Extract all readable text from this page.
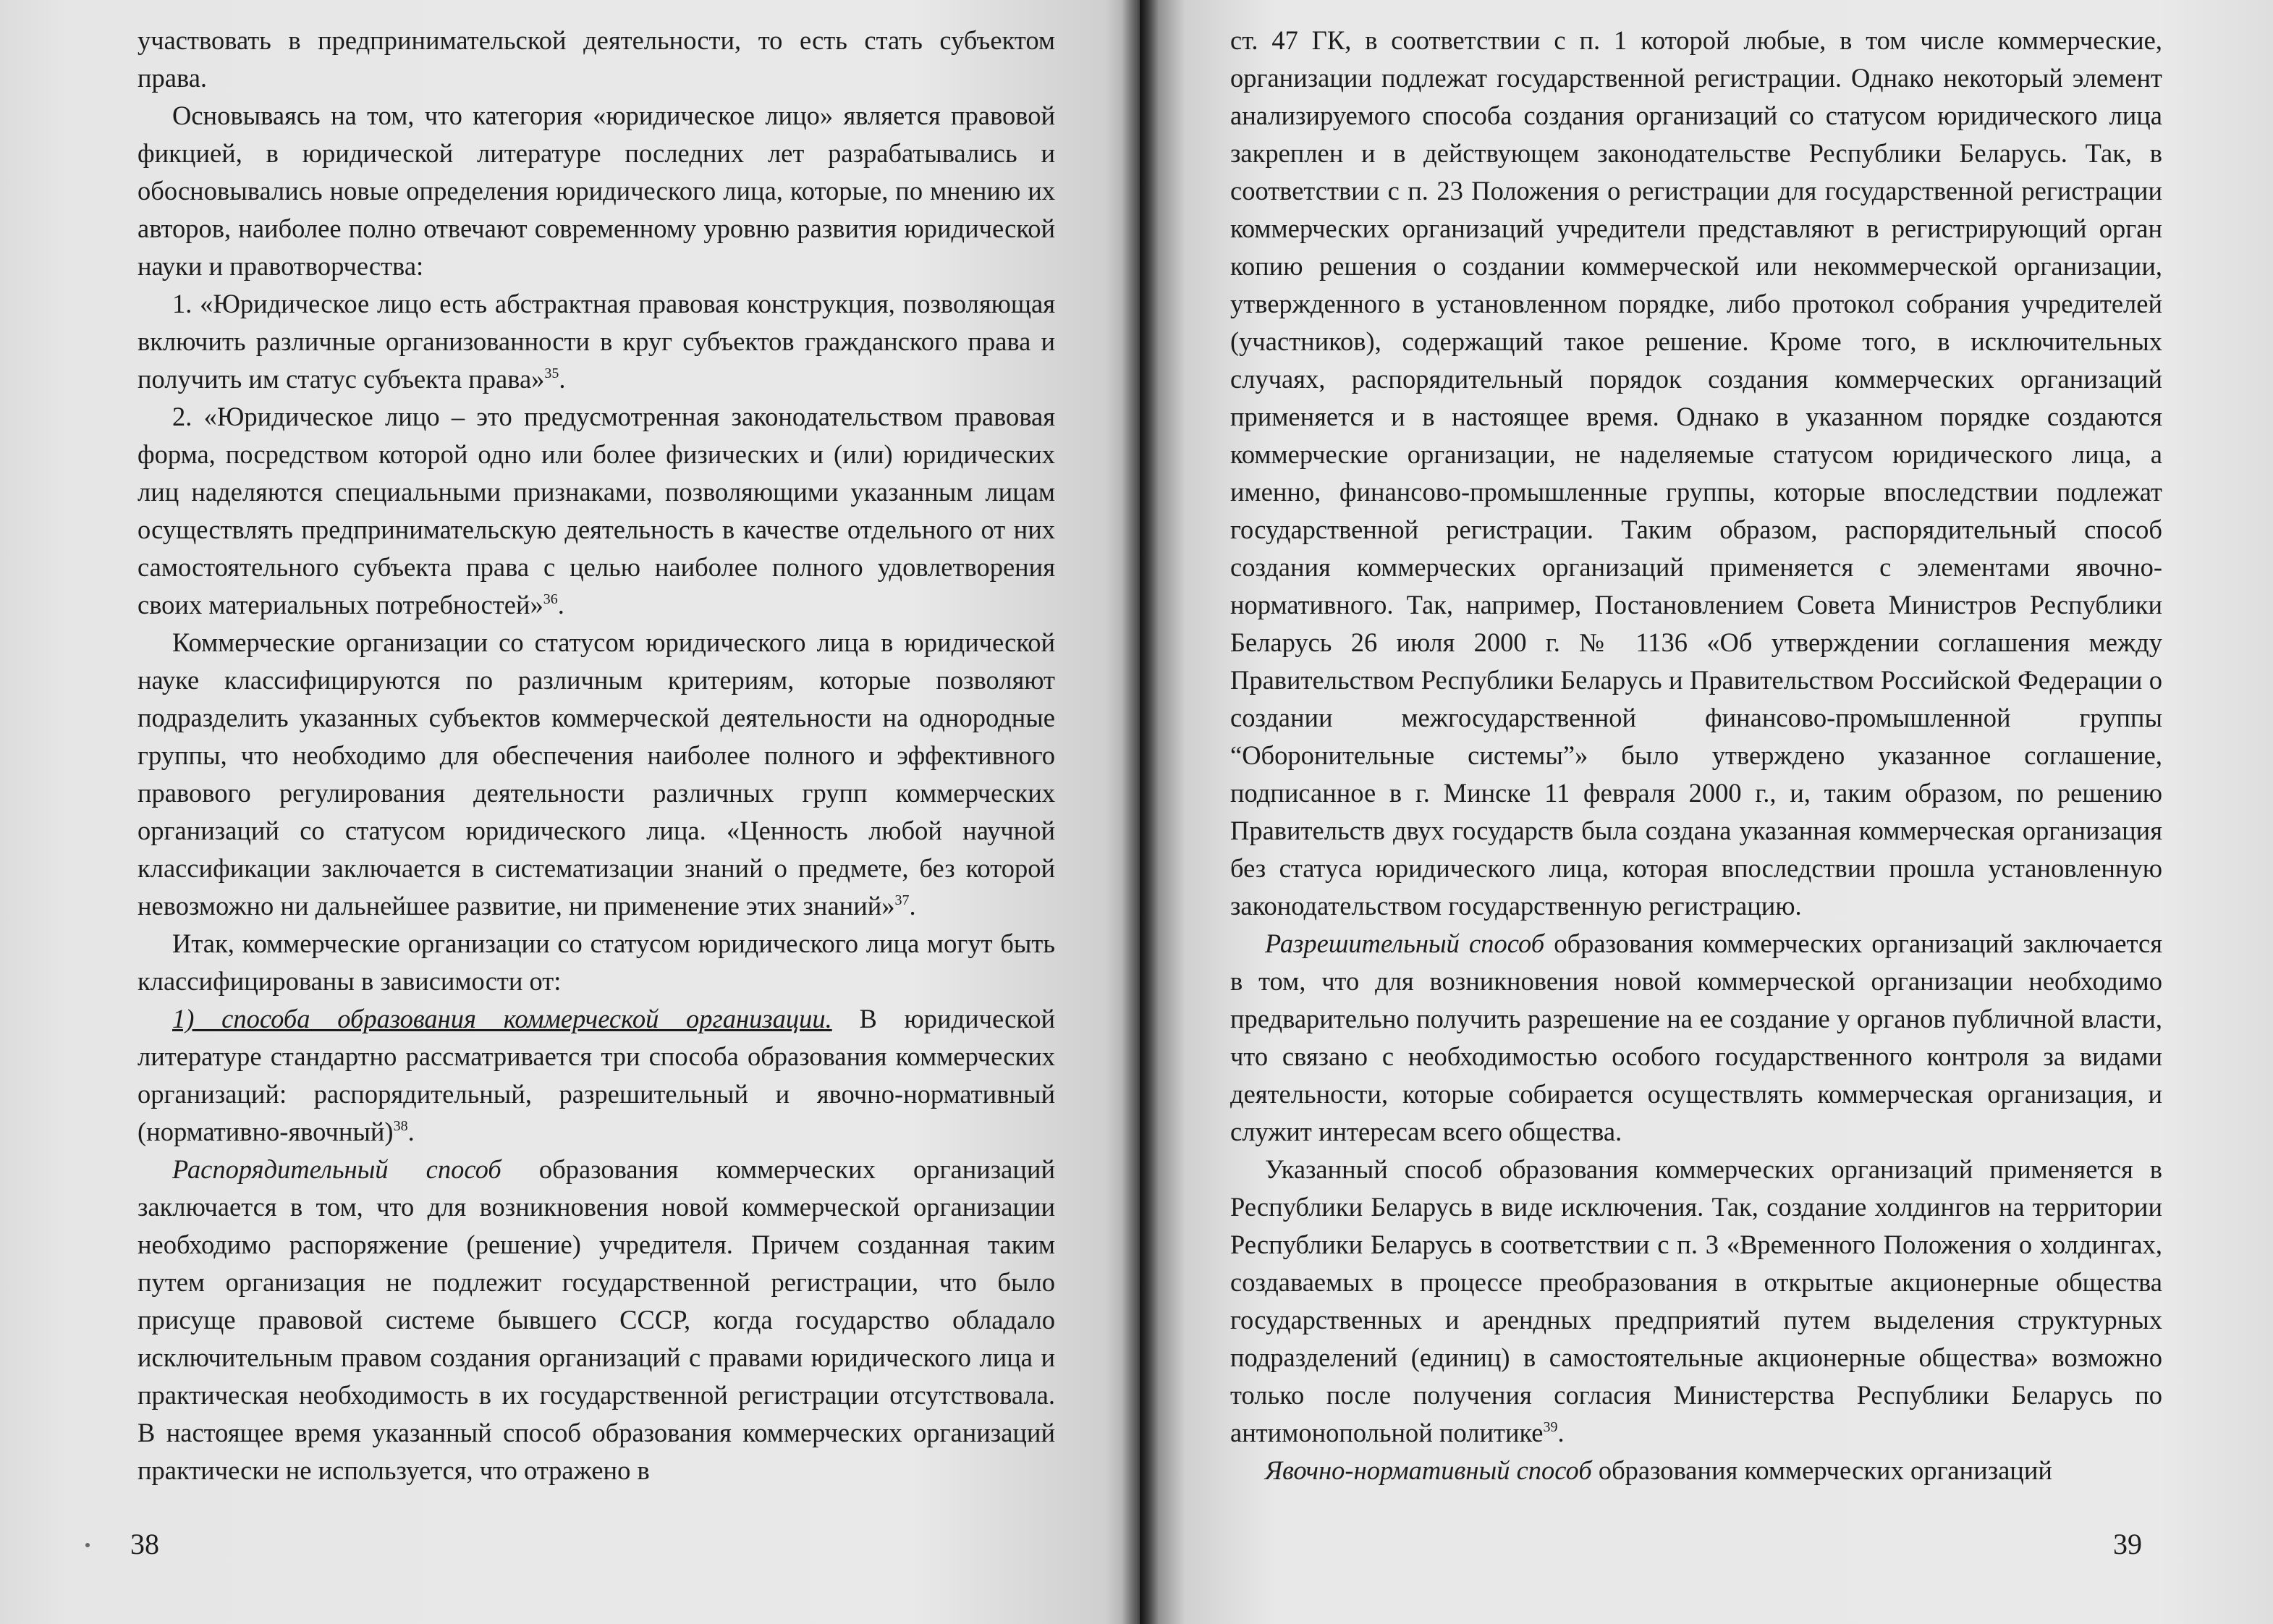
участвовать в предпринимательской деятельности, то есть стать субъектом права.

Основываясь на том, что категория «юридическое лицо» является правовой фикцией, в юридической литературе последних лет разрабатывались и обосновывались новые определения юридического лица, которые, по мнению их авторов, наиболее полно отвечают современному уровню развития юридической науки и правотворчества:

1. «Юридическое лицо есть абстрактная правовая конструкция, позволяющая включить различные организованности в круг субъектов гражданского права и получить им статус субъекта права»$^{35}$.

2. «Юридическое лицо – это предусмотренная законодательством правовая форма, посредством которой одно или более физических и (или) юридических лиц наделяются специальными признаками, позволяющими указанным лицам осуществлять предпринимательскую деятельность в качестве отдельного от них самостоятельного субъекта права с целью наиболее полного удовлетворения своих материальных потребностей»$^{36}$.

Коммерческие организации со статусом юридического лица в юридической науке классифицируются по различным критериям, которые позволяют подразделить указанных субъектов коммерческой деятельности на однородные группы, что необходимо для обеспечения наиболее полного и эффективного правового регулирования деятельности различных групп коммерческих организаций со статусом юридического лица. «Ценность любой научной классификации заключается в систематизации знаний о предмете, без которой невозможно ни дальнейшее развитие, ни применение этих знаний»$^{37}$.

Итак, коммерческие организации со статусом юридического лица могут быть классифицированы в зависимости от:

1) способа образования коммерческой организации. В юридической литературе стандартно рассматривается три способа образования коммерческих организаций: распорядительный, разрешительный и явочно-нормативный (нормативно-явочный)$^{38}$.

Распорядительный способ образования коммерческих организаций заключается в том, что для возникновения новой коммерческой организации необходимо распоряжение (решение) учредителя. Причем созданная таким путем организация не подлежит государственной регистрации, что было присуще правовой системе бывшего СССР, когда государство обладало исключительным правом создания организаций с правами юридического лица и практическая необходимость в их государственной регистрации отсутствовала. В настоящее время указанный способ образования коммерческих организаций практически не используется, что отражено в

38

ст. 47 ГК, в соответствии с п. 1 которой любые, в том числе коммерческие, организации подлежат государственной регистрации. Однако некоторый элемент анализируемого способа создания организаций со статусом юридического лица закреплен и в действующем законодательстве Республики Беларусь. Так, в соответствии с п. 23 Положения о регистрации для государственной регистрации коммерческих организаций учредители представляют в регистрирующий орган копию решения о создании коммерческой или некоммерческой организации, утвержденного в установленном порядке, либо протокол собрания учредителей (участников), содержащий такое решение. Кроме того, в исключительных случаях, распорядительный порядок создания коммерческих организаций применяется и в настоящее время. Однако в указанном порядке создаются коммерческие организации, не наделяемые статусом юридического лица, а именно, финансово-промышленные группы, которые впоследствии подлежат государственной регистрации. Таким образом, распорядительный способ создания коммерческих организаций применяется с элементами явочно-нормативного. Так, например, Постановлением Совета Министров Республики Беларусь 26 июля 2000 г. № 1136 «Об утверждении соглашения между Правительством Республики Беларусь и Правительством Российской Федерации о создании межгосударственной финансово-промышленной группы “Оборонительные системы”» было утверждено указанное соглашение, подписанное в г. Минске 11 февраля 2000 г., и, таким образом, по решению Правительств двух государств была создана указанная коммерческая организация без статуса юридического лица, которая впоследствии прошла установленную законодательством государственную регистрацию.

Разрешительный способ образования коммерческих организаций заключается в том, что для возникновения новой коммерческой организации необходимо предварительно получить разрешение на ее создание у органов публичной власти, что связано с необходимостью особого государственного контроля за видами деятельности, которые собирается осуществлять коммерческая организация, и служит интересам всего общества.

Указанный способ образования коммерческих организаций применяется в Республики Беларусь в виде исключения. Так, создание холдингов на территории Республики Беларусь в соответствии с п. 3 «Временного Положения о холдингах, создаваемых в процессе преобразования в открытые акционерные общества государственных и арендных предприятий путем выделения структурных подразделений (единиц) в самостоятельные акционерные общества» возможно только после получения согласия Министерства Республики Беларусь по антимонопольной политике$^{39}$.

Явочно-нормативный способ образования коммерческих организаций

39
